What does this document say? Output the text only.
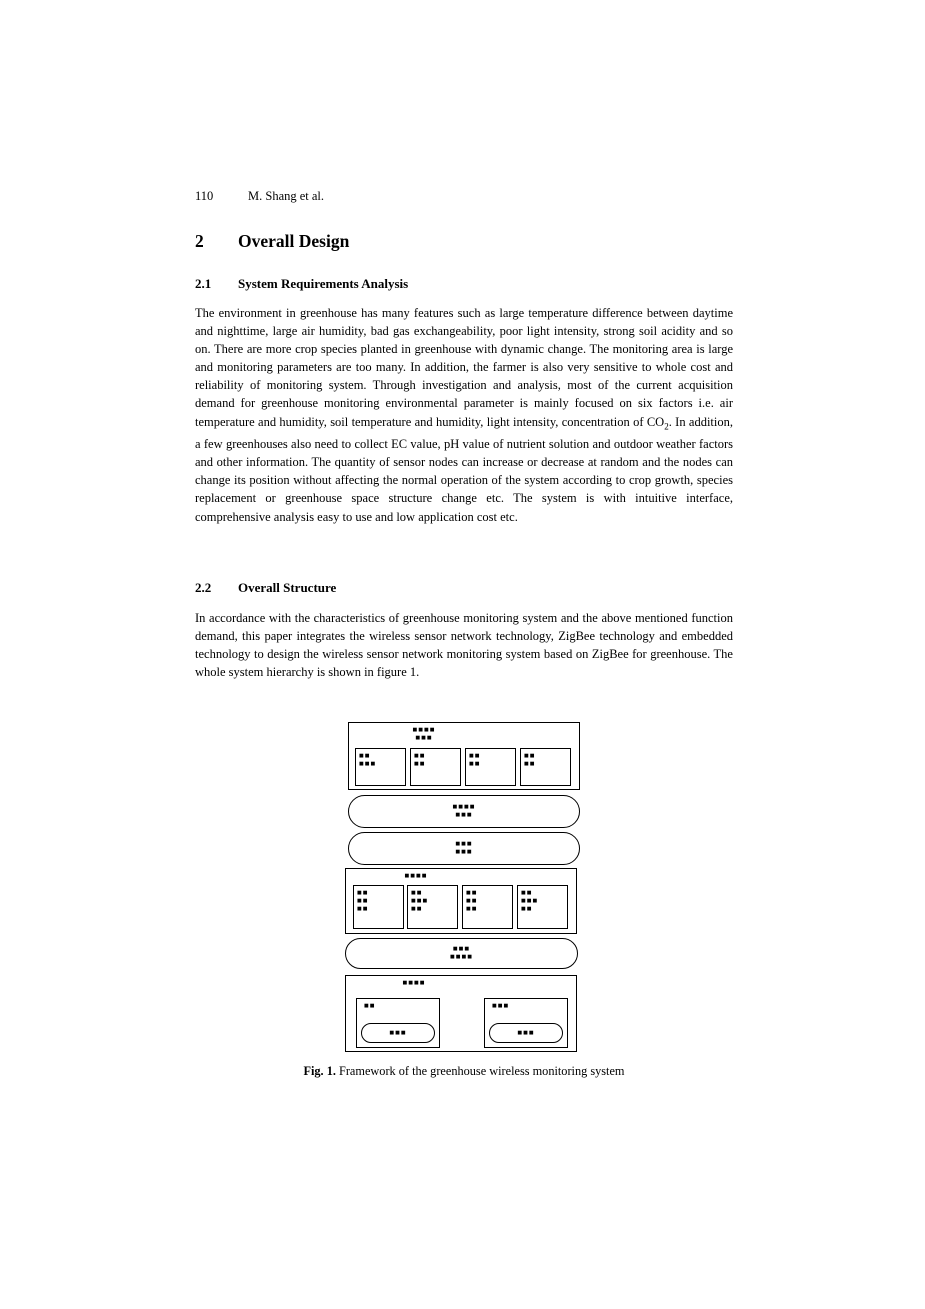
110	M. Shang et al.
2 Overall Design
2.1 System Requirements Analysis

The environment in greenhouse has many features such as large temperature difference between daytime and nighttime, large air humidity, bad gas exchangeability, poor light intensity, strong soil acidity and so on. There are more crop species planted in greenhouse with dynamic change. The monitoring area is large and monitoring parameters are too many. In addition, the farmer is also very sensitive to whole cost and reliability of monitoring system. Through investigation and analysis, most of the current acquisition demand for greenhouse monitoring environmental parameter is mainly focused on six factors i.e. air temperature and humidity, soil temperature and humidity, light intensity, concentration of $CO_2$. In addition, a few greenhouses also need to collect EC value, pH value of nutrient solution and outdoor weather factors and other information. The quantity of sensor nodes can increase or decrease at random and the nodes can change its position without affecting the normal operation of the system according to crop growth, species replacement or greenhouse space structure change etc. The system is with intuitive interface, comprehensive analysis easy to use and low application cost etc.

2.2 Overall Structure

In accordance with the characteristics of greenhouse monitoring system and the above mentioned function demand, this paper integrates the wireless sensor network technology, ZigBee technology and embedded technology to design the wireless sensor network monitoring system based on ZigBee for greenhouse. The whole system hierarchy is shown in figure 1.

■■■■
■■■
■■
■■■
■■
■■
■■
■■
■■
■■
■■■■
■■■
■■■
■■■
■■■■
■■
■■
■■
■■
■■■
■■
■■
■■
■■
■■
■■■
■■
■■■
■■■■
■■■■
■■
■■■
■■■
■■■
Fig. 1. Framework of the greenhouse wireless monitoring system
